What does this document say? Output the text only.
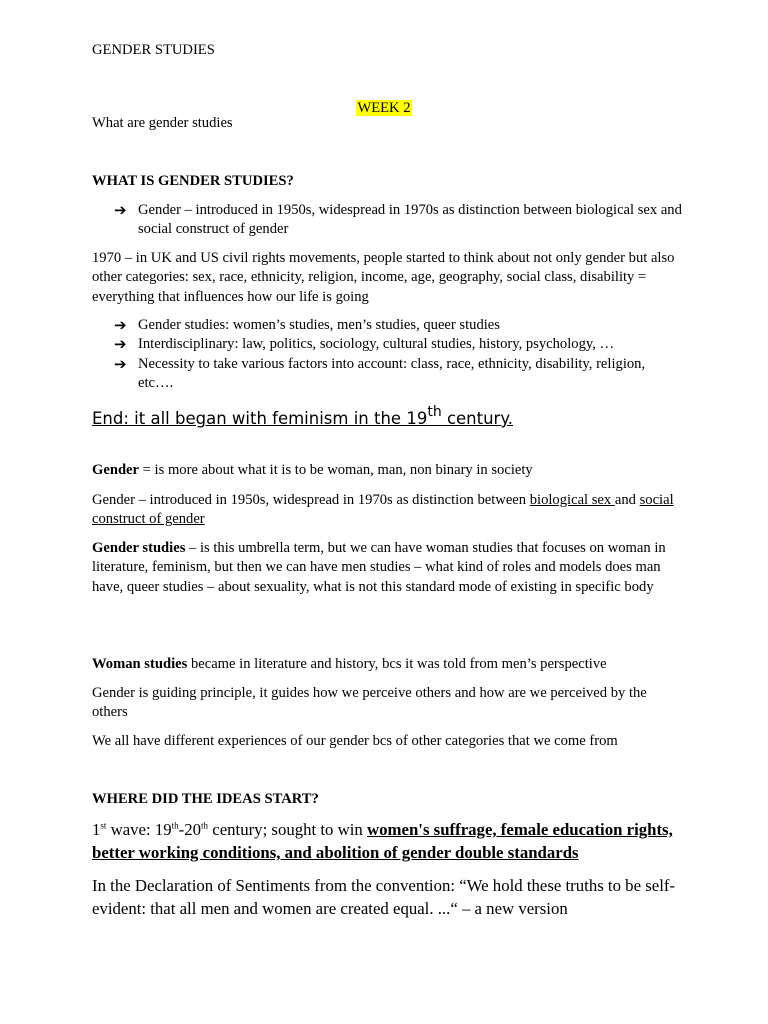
GENDER STUDIES

WEEK 2

What are gender studies

WHAT IS GENDER STUDIES?

➔ Gender – introduced in 1950s, widespread in 1970s as distinction between biological sex and social construct of gender

1970 – in UK and US civil rights movements, people started to think about not only gender but also other categories: sex, race, ethnicity, religion, income, age, geography, social class, disability = everything that influences how our life is going

➔ Gender studies: women’s studies, men’s studies, queer studies
➔ Interdisciplinary: law, politics, sociology, cultural studies, history, psychology, …
➔ Necessity to take various factors into account: class, race, ethnicity, disability, religion, etc….

End: it all began with feminism in the 19th century.

Gender = is more about what it is to be woman, man, non binary in society

Gender – introduced in 1950s, widespread in 1970s as distinction between biological sex and social construct of gender

Gender studies – is this umbrella term, but we can have woman studies that focuses on woman in literature, feminism, but then we can have men studies – what kind of roles and models does man have, queer studies – about sexuality, what is not this standard mode of existing in specific body

Woman studies became in literature and history, bcs it was told from men’s perspective

Gender is guiding principle, it guides how we perceive others and how are we perceived by the others

We all have different experiences of our gender bcs of other categories that we come from

WHERE DID THE IDEAS START?

1st wave: 19th-20th century; sought to win women's suffrage, female education rights, better working conditions, and abolition of gender double standards

In the Declaration of Sentiments from the convention: “We hold these truths to be self-evident: that all men and women are created equal. ...“ – a new version
